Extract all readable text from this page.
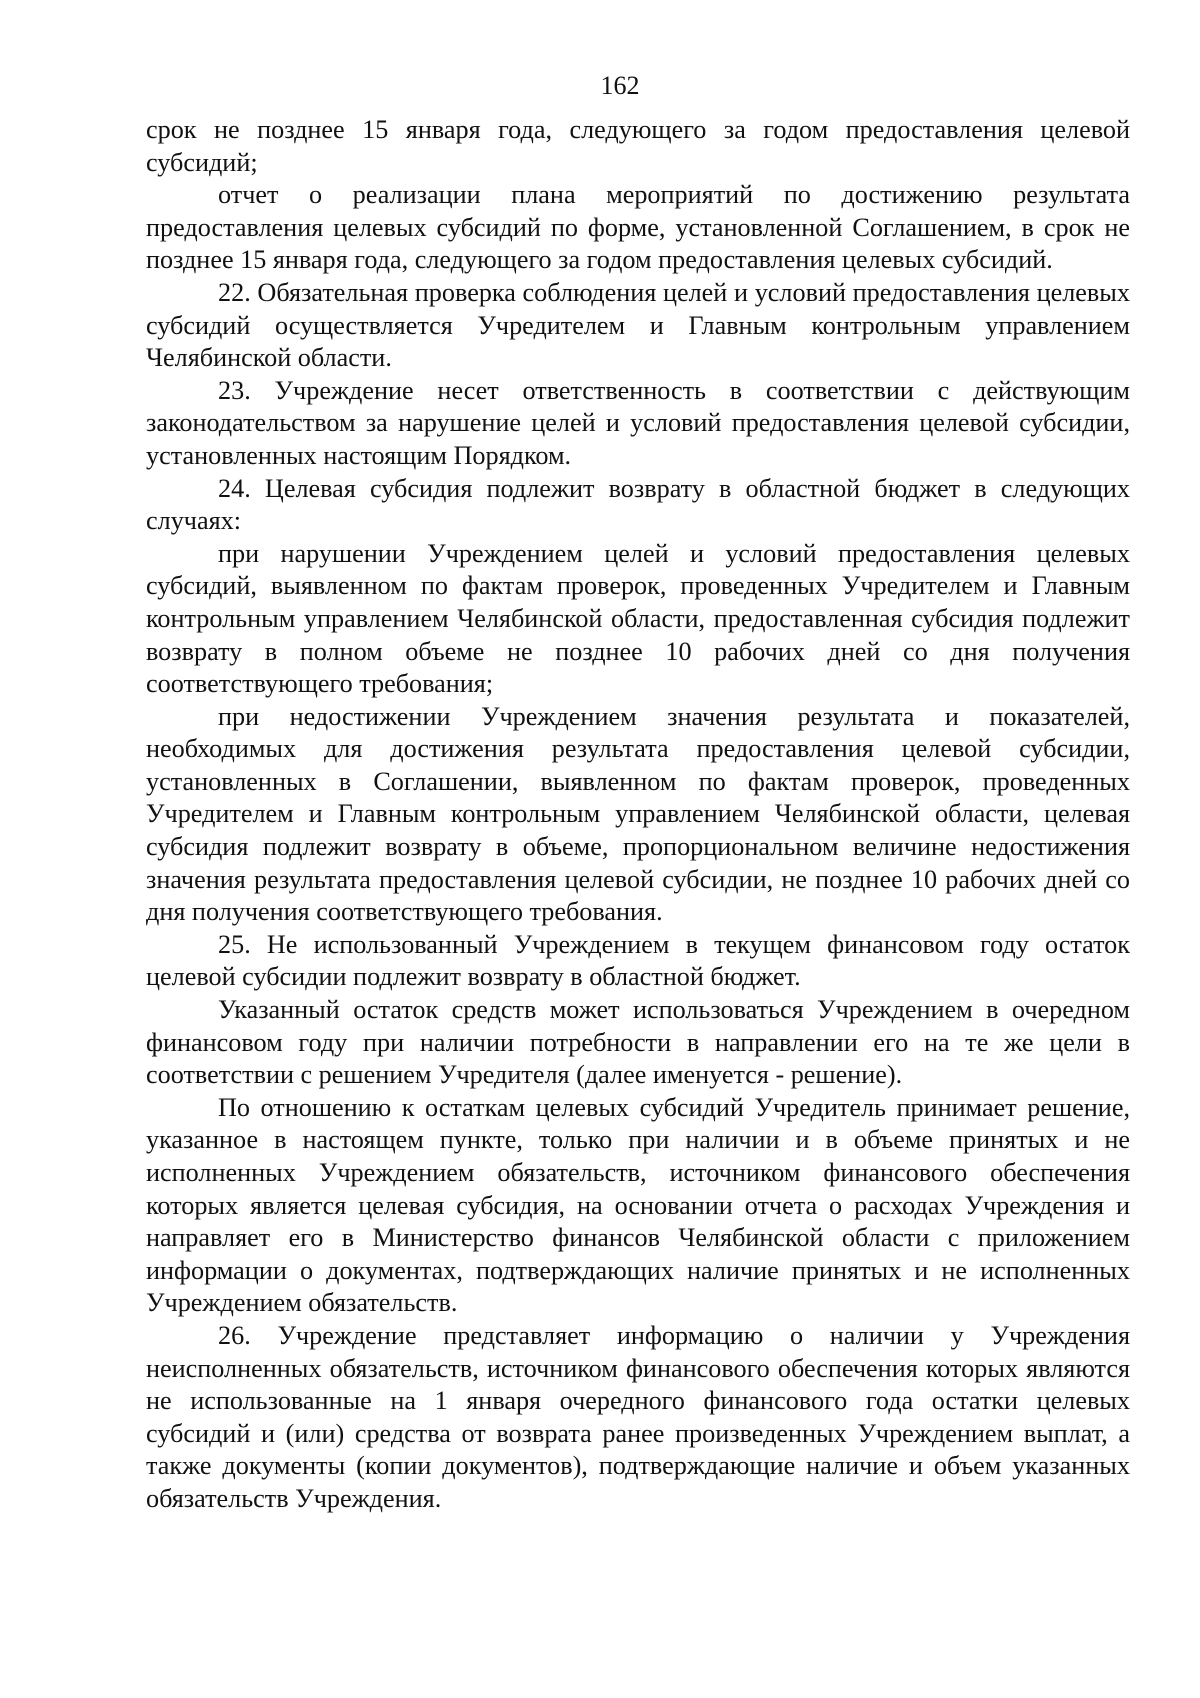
162

срок не позднее 15 января года, следующего за годом предоставления целевой субсидий;

отчет о реализации плана мероприятий по достижению результата предоставления целевых субсидий по форме, установленной Соглашением, в срок не позднее 15 января года, следующего за годом предоставления целевых субсидий.

22. Обязательная проверка соблюдения целей и условий предоставления целевых субсидий осуществляется Учредителем и Главным контрольным управлением Челябинской области.

23. Учреждение несет ответственность в соответствии с действующим законодательством за нарушение целей и условий предоставления целевой субсидии, установленных настоящим Порядком.

24. Целевая субсидия подлежит возврату в областной бюджет в следующих случаях:

при нарушении Учреждением целей и условий предоставления целевых субсидий, выявленном по фактам проверок, проведенных Учредителем и Главным контрольным управлением Челябинской области, предоставленная субсидия подлежит возврату в полном объеме не позднее 10 рабочих дней со дня получения соответствующего требования;

при недостижении Учреждением значения результата и показателей, необходимых для достижения результата предоставления целевой субсидии, установленных в Соглашении, выявленном по фактам проверок, проведенных Учредителем и Главным контрольным управлением Челябинской области, целевая субсидия подлежит возврату в объеме, пропорциональном величине недостижения значения результата предоставления целевой субсидии, не позднее 10 рабочих дней со дня получения соответствующего требования.

25. Не использованный Учреждением в текущем финансовом году остаток целевой субсидии подлежит возврату в областной бюджет.

Указанный остаток средств может использоваться Учреждением в очередном финансовом году при наличии потребности в направлении его на те же цели в соответствии с решением Учредителя (далее именуется - решение).

По отношению к остаткам целевых субсидий Учредитель принимает решение, указанное в настоящем пункте, только при наличии и в объеме принятых и не исполненных Учреждением обязательств, источником финансового обеспечения которых является целевая субсидия, на основании отчета о расходах Учреждения и направляет его в Министерство финансов Челябинской области с приложением информации о документах, подтверждающих наличие принятых и не исполненных Учреждением обязательств.

26. Учреждение представляет информацию о наличии у Учреждения неисполненных обязательств, источником финансового обеспечения которых являются не использованные на 1 января очередного финансового года остатки целевых субсидий и (или) средства от возврата ранее произведенных Учреждением выплат, а также документы (копии документов), подтверждающие наличие и объем указанных обязательств Учреждения.
